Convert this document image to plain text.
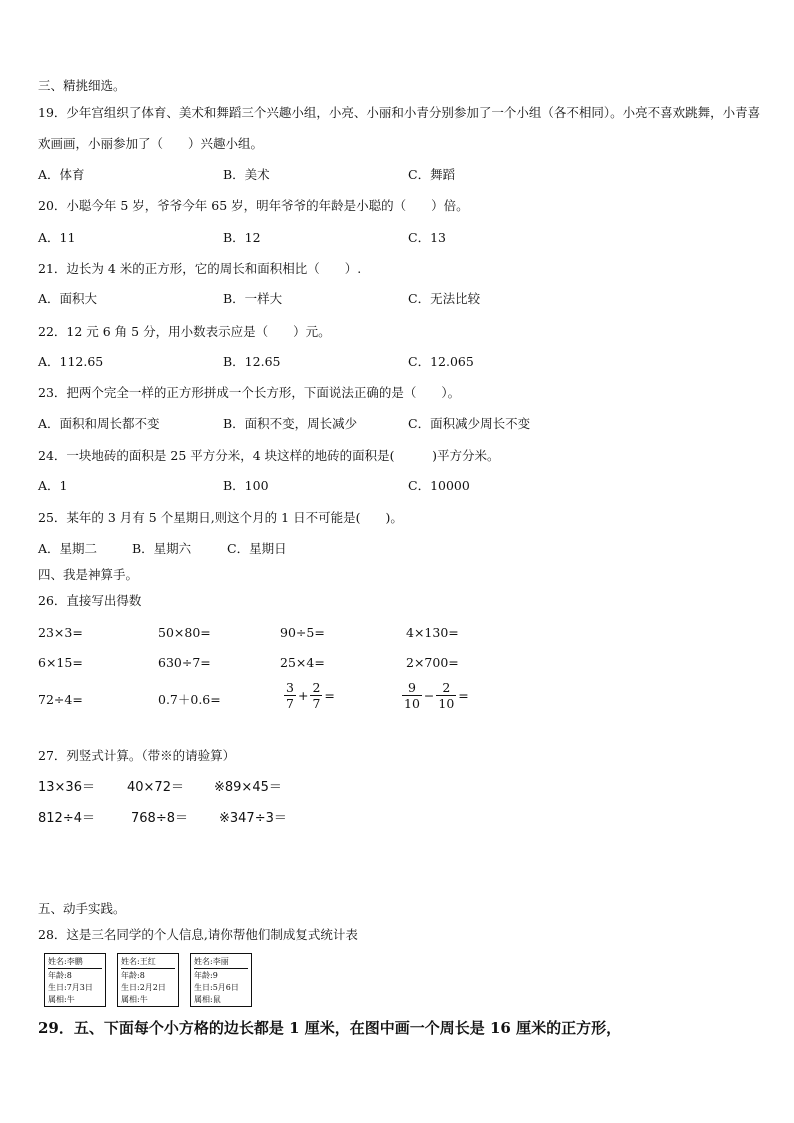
三、精挑细选。
19．少年宫组织了体育、美术和舞蹈三个兴趣小组，小亮、小丽和小青分别参加了一个小组（各不相同）。小亮不喜欢跳舞，小青喜欢画画，小丽参加了（　　）兴趣小组。
A．体育	B．美术	C．舞蹈
20．小聪今年 5 岁，爷爷今年 65 岁，明年爷爷的年龄是小聪的（　　）倍。
A．11	B．12	C．13
21．边长为 4 米的正方形，它的周长和面积相比（　　）.
A．面积大	B．一样大	C．无法比较
22．12 元 6 角 5 分，用小数表示应是（　　）元。
A．112.65	B．12.65	C．12.065
23．把两个完全一样的正方形拼成一个长方形，下面说法正确的是（　　）。
A．面积和周长都不变	B．面积不变，周长减少	C．面积减少周长不变
24．一块地砖的面积是 25 平方分米，4 块这样的地砖的面积是(　　　)平方分米。
A．1	B．100	C．10000
25．某年的 3 月有 5 个星期日,则这个月的 1 日不可能是(　　)。
A．星期二	B．星期六	C．星期日
四、我是神算手。
26．直接写出得数
23×3=	50×80=	90÷5=	4×130=
6×15=	630÷7=	25×4=	2×700=
72÷4=	0.7＋0.6=	$\frac{3}{7} + \frac{2}{7}$ =	$\frac{9}{10} - \frac{2}{10}$ =
27．列竖式计算。（带※的请验算）
13×36＝ 40×72＝ ※89×45＝
812÷4＝	768÷8＝ ※347÷3＝
五、动手实践。
28．这是三名同学的个人信息,请你帮他们制成复式统计表
姓名:李鹏
年龄:8
生日:7月3日
属相:牛
姓名:王红
年龄:8
生日:2月2日
属相:牛
姓名:李丽
年龄:9
生日:5月6日
属相:鼠
29．五、下面每个小方格的边长都是 1 厘米，在图中画一个周长是 16 厘米的正方形，
